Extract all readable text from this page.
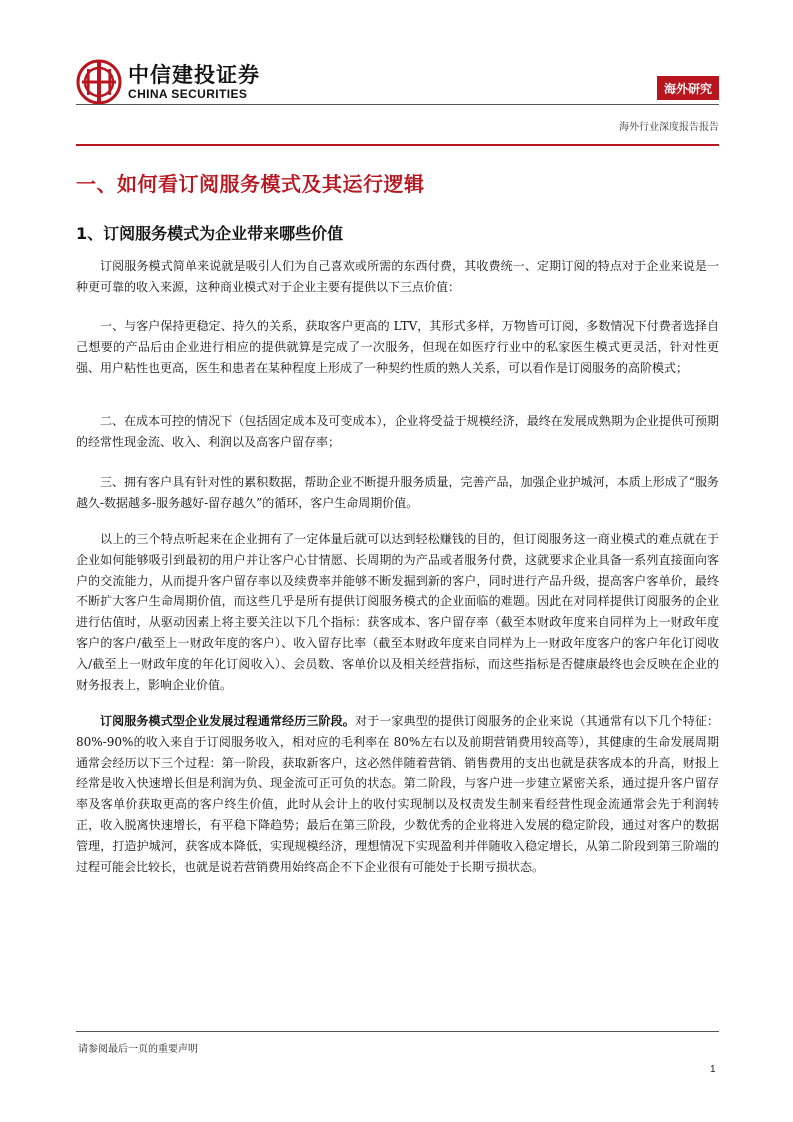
中信建投证券
CHINA SECURITIES	海外研究
海外行业深度报告报告
一、如何看订阅服务模式及其运行逻辑
1、订阅服务模式为企业带来哪些价值

订阅服务模式简单来说就是吸引人们为自己喜欢或所需的东西付费，其收费统一、定期订阅的特点对于企业来说是一种更可靠的收入来源，这种商业模式对于企业主要有提供以下三点价值：

一、与客户保持更稳定、持久的关系，获取客户更高的 LTV，其形式多样，万物皆可订阅，多数情况下付费者选择自己想要的产品后由企业进行相应的提供就算是完成了一次服务，但现在如医疗行业中的私家医生模式更灵活，针对性更强、用户粘性也更高，医生和患者在某种程度上形成了一种契约性质的熟人关系，可以看作是订阅服务的高阶模式；

二、在成本可控的情况下（包括固定成本及可变成本），企业将受益于规模经济，最终在发展成熟期为企业提供可预期的经常性现金流、收入、利润以及高客户留存率；

三、拥有客户具有针对性的累积数据，帮助企业不断提升服务质量，完善产品，加强企业护城河，本质上形成了“服务越久-数据越多-服务越好-留存越久”的循环，客户生命周期价值。

以上的三个特点听起来在企业拥有了一定体量后就可以达到轻松赚钱的目的，但订阅服务这一商业模式的难点就在于企业如何能够吸引到最初的用户并让客户心甘情愿、长周期的为产品或者服务付费，这就要求企业具备一系列直接面向客户的交流能力，从而提升客户留存率以及续费率并能够不断发掘到新的客户，同时进行产品升级，提高客户客单价，最终不断扩大客户生命周期价值，而这些几乎是所有提供订阅服务模式的企业面临的难题。因此在对同样提供订阅服务的企业进行估值时，从驱动因素上将主要关注以下几个指标：获客成本、客户留存率（截至本财政年度来自同样为上一财政年度客户的客户/截至上一财政年度的客户）、收入留存比率（截至本财政年度来自同样为上一财政年度客户的客户年化订阅收入/截至上一财政年度的年化订阅收入）、会员数、客单价以及相关经营指标，而这些指标是否健康最终也会反映在企业的财务报表上，影响企业价值。

订阅服务模式型企业发展过程通常经历三阶段。对于一家典型的提供订阅服务的企业来说（其通常有以下几个特征：80%-90%的收入来自于订阅服务收入，相对应的毛利率在 80%左右以及前期营销费用较高等），其健康的生命发展周期通常会经历以下三个过程：第一阶段，获取新客户，这必然伴随着营销、销售费用的支出也就是获客成本的升高，财报上经常是收入快速增长但是利润为负、现金流可正可负的状态。第二阶段，与客户进一步建立紧密关系，通过提升客户留存率及客单价获取更高的客户终生价值，此时从会计上的收付实现制以及权责发生制来看经营性现金流通常会先于利润转正，收入脱离快速增长，有平稳下降趋势；最后在第三阶段，少数优秀的企业将进入发展的稳定阶段，通过对客户的数据管理，打造护城河，获客成本降低，实现规模经济，理想情况下实现盈利并伴随收入稳定增长，从第二阶段到第三阶端的过程可能会比较长，也就是说若营销费用始终高企不下企业很有可能处于长期亏损状态。

请参阅最后一页的重要声明
1
